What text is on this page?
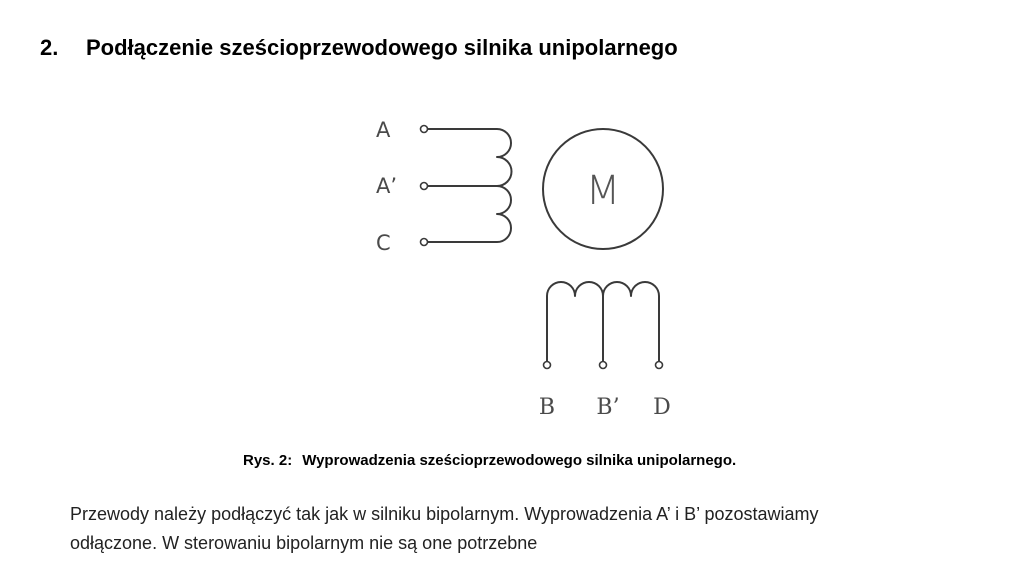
2. Podłączenie sześcioprzewodowego silnika unipolarnego
A
A’
C
M
B B’ D
Rys. 2: Wyprowadzenia sześcioprzewodowego silnika unipolarnego.

Przewody należy podłączyć tak jak w silniku bipolarnym. Wyprowadzenia A’ i B’ pozostawiamy

odłączone. W sterowaniu bipolarnym nie są one potrzebne
